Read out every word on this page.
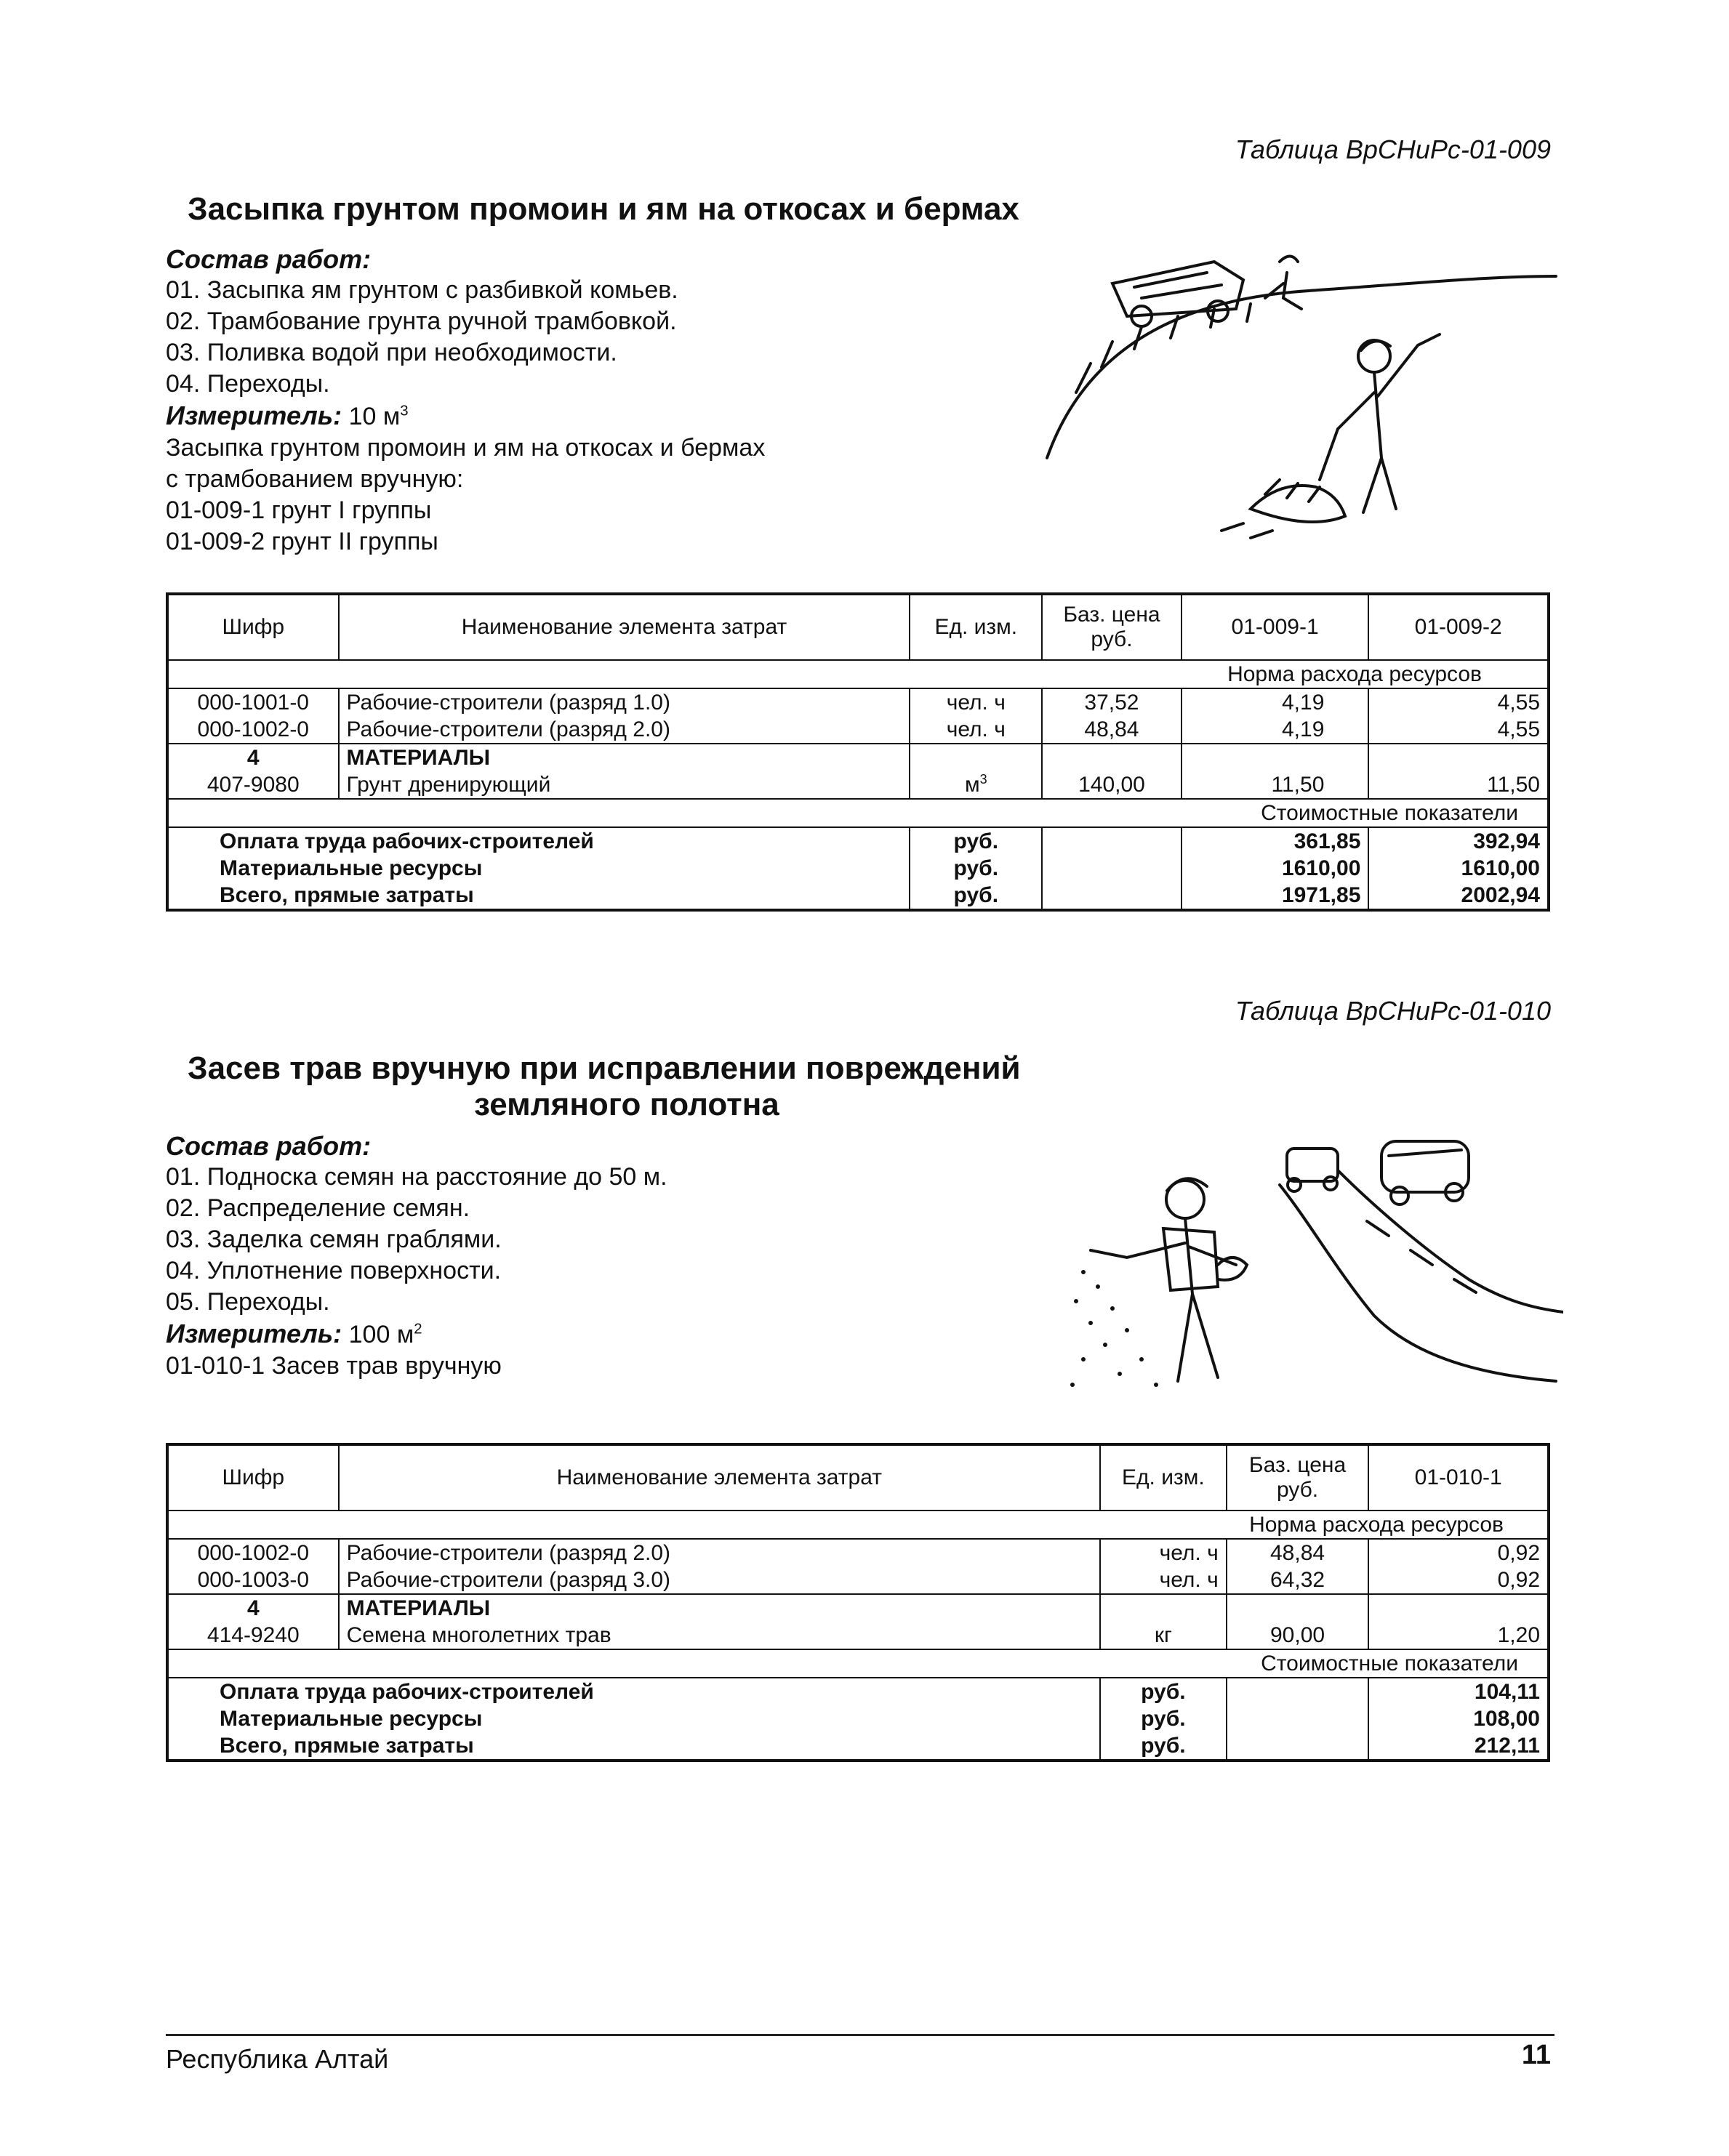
Таблица ВрСНиРс-01-009
Засыпка грунтом промоин и ям на откосах и бермах
Состав работ:
01. Засыпка ям грунтом с разбивкой комьев.
02. Трамбование грунта ручной трамбовкой.
03. Поливка водой при необходимости.
04. Переходы.
Измеритель: 10 $м^3$
Засыпка грунтом промоин и ям на откосах и бермах
с трамбованием вручную:
01-009-1 грунт I группы
01-009-2 грунт II группы
Шифр	Наименование элемента затрат	Ед. изм.	Баз. цена руб.	01-009-1	01-009-2
Норма расхода ресурсов					
000-1001-0	Рабочие-строители (разряд 1.0)	чел. ч	37,52	4,19	4,55
000-1002-0	Рабочие-строители (разряд 2.0)	чел. ч	48,84	4,19	4,55
4	МАТЕРИАЛЫ				
407-9080	Грунт дренирующий	$м^3$	140,00	11,50	11,50
Стоимостные показатели					
Оплата труда рабочих-строителей		руб.		361,85	392,94
Материальные ресурсы		руб.		1610,00	1610,00
Всего, прямые затраты		руб.		1971,85	2002,94
Таблица ВрСНиРс-01-010
Засев трав вручную при исправлении повреждений
земляного полотна
Состав работ:
01. Подноска семян на расстояние до 50 м.
02. Распределение семян.
03. Заделка семян граблями.
04. Уплотнение поверхности.
05. Переходы.
Измеритель: 100 $м^2$
01-010-1 Засев трав вручную
Шифр	Наименование элемента затрат	Ед. изм.	Баз. цена руб.	01-010-1
Норма расхода ресурсов				
000-1002-0	Рабочие-строители (разряд 2.0)	чел. ч	48,84	0,92
000-1003-0	Рабочие-строители (разряд 3.0)	чел. ч	64,32	0,92
4	МАТЕРИАЛЫ			
414-9240	Семена многолетних трав	кг	90,00	1,20
Стоимостные показатели				
Оплата труда рабочих-строителей		руб.		104,11
Материальные ресурсы		руб.		108,00
Всего, прямые затраты		руб.		212,11
Республика Алтай	11
